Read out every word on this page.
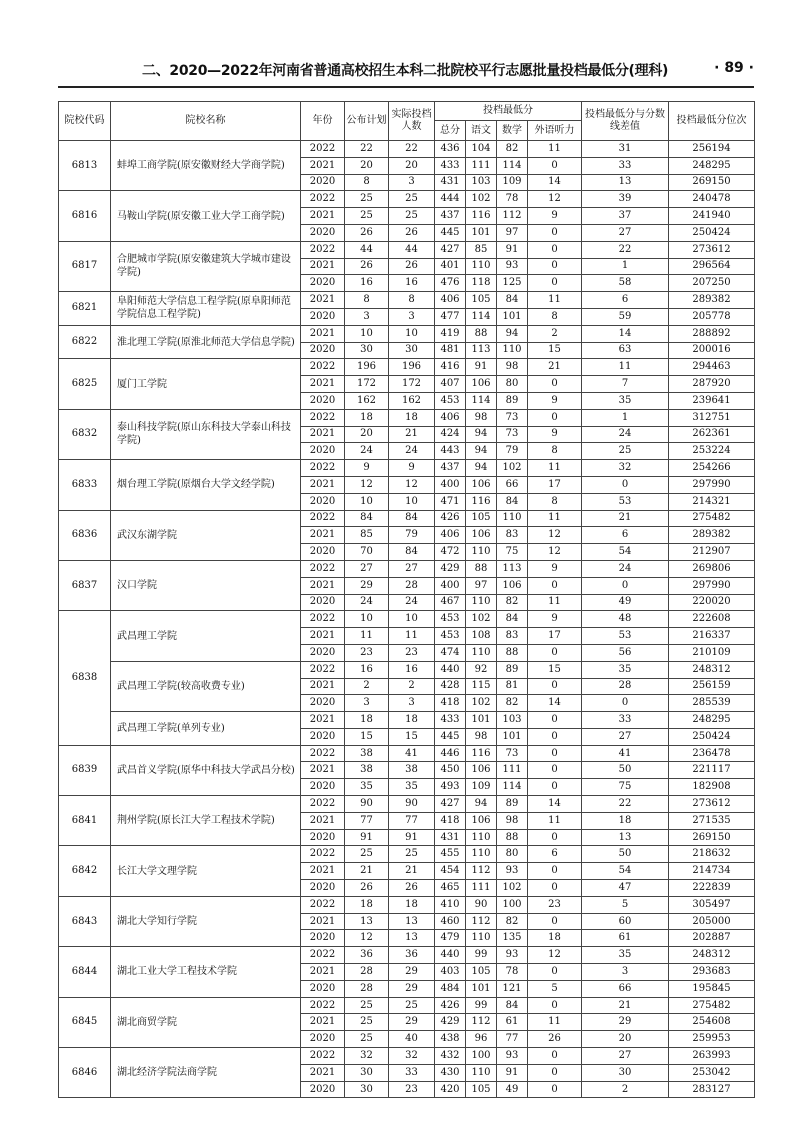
二、2020—2022年河南省普通高校招生本科二批院校平行志愿批量投档最低分(理科)	· 89 ·
院校代码	院校名称	年份	公布计划	实际投档人数	投档最低分				投档最低分与分数线差值	投档最低分位次
					总分	语文	数学	外语听力		
6813	蚌埠工商学院(原安徽财经大学商学院)	2022	22	22	436	104	82	11	31	256194
		2021	20	20	433	111	114	0	33	248295
		2020	8	3	431	103	109	14	13	269150
6816	马鞍山学院(原安徽工业大学工商学院)	2022	25	25	444	102	78	12	39	240478
		2021	25	25	437	116	112	9	37	241940
		2020	26	26	445	101	97	0	27	250424
6817	合肥城市学院(原安徽建筑大学城市建设学院)	2022	44	44	427	85	91	0	22	273612
		2021	26	26	401	110	93	0	1	296564
		2020	16	16	476	118	125	0	58	207250
6821	阜阳师范大学信息工程学院(原阜阳师范学院信息工程学院)	2021	8	8	406	105	84	11	6	289382
		2020	3	3	477	114	101	8	59	205778
6822	淮北理工学院(原淮北师范大学信息学院)	2021	10	10	419	88	94	2	14	288892
		2020	30	30	481	113	110	15	63	200016
6825	厦门工学院	2022	196	196	416	91	98	21	11	294463
		2021	172	172	407	106	80	0	7	287920
		2020	162	162	453	114	89	9	35	239641
6832	泰山科技学院(原山东科技大学泰山科技学院)	2022	18	18	406	98	73	0	1	312751
		2021	20	21	424	94	73	9	24	262361
		2020	24	24	443	94	79	8	25	253224
6833	烟台理工学院(原烟台大学文经学院)	2022	9	9	437	94	102	11	32	254266
		2021	12	12	400	106	66	17	0	297990
		2020	10	10	471	116	84	8	53	214321
6836	武汉东湖学院	2022	84	84	426	105	110	11	21	275482
		2021	85	79	406	106	83	12	6	289382
		2020	70	84	472	110	75	12	54	212907
6837	汉口学院	2022	27	27	429	88	113	9	24	269806
		2021	29	28	400	97	106	0	0	297990
		2020	24	24	467	110	82	11	49	220020
6838	武昌理工学院	2022	10	10	453	102	84	9	48	222608
		2021	11	11	453	108	83	17	53	216337
		2020	23	23	474	110	88	0	56	210109
	武昌理工学院(较高收费专业)	2022	16	16	440	92	89	15	35	248312
		2021	2	2	428	115	81	0	28	256159
		2020	3	3	418	102	82	14	0	285539
	武昌理工学院(单列专业)	2021	18	18	433	101	103	0	33	248295
		2020	15	15	445	98	101	0	27	250424
6839	武昌首义学院(原华中科技大学武昌分校)	2022	38	41	446	116	73	0	41	236478
		2021	38	38	450	106	111	0	50	221117
		2020	35	35	493	109	114	0	75	182908
6841	荆州学院(原长江大学工程技术学院)	2022	90	90	427	94	89	14	22	273612
		2021	77	77	418	106	98	11	18	271535
		2020	91	91	431	110	88	0	13	269150
6842	长江大学文理学院	2022	25	25	455	110	80	6	50	218632
		2021	21	21	454	112	93	0	54	214734
		2020	26	26	465	111	102	0	47	222839
6843	湖北大学知行学院	2022	18	18	410	90	100	23	5	305497
		2021	13	13	460	112	82	0	60	205000
		2020	12	13	479	110	135	18	61	202887
6844	湖北工业大学工程技术学院	2022	36	36	440	99	93	12	35	248312
		2021	28	29	403	105	78	0	3	293683
		2020	28	29	484	101	121	5	66	195845
6845	湖北商贸学院	2022	25	25	426	99	84	0	21	275482
		2021	25	29	429	112	61	11	29	254608
		2020	25	40	438	96	77	26	20	259953
6846	湖北经济学院法商学院	2022	32	32	432	100	93	0	27	263993
		2021	30	33	430	110	91	0	30	253042
		2020	30	23	420	105	49	0	2	283127
